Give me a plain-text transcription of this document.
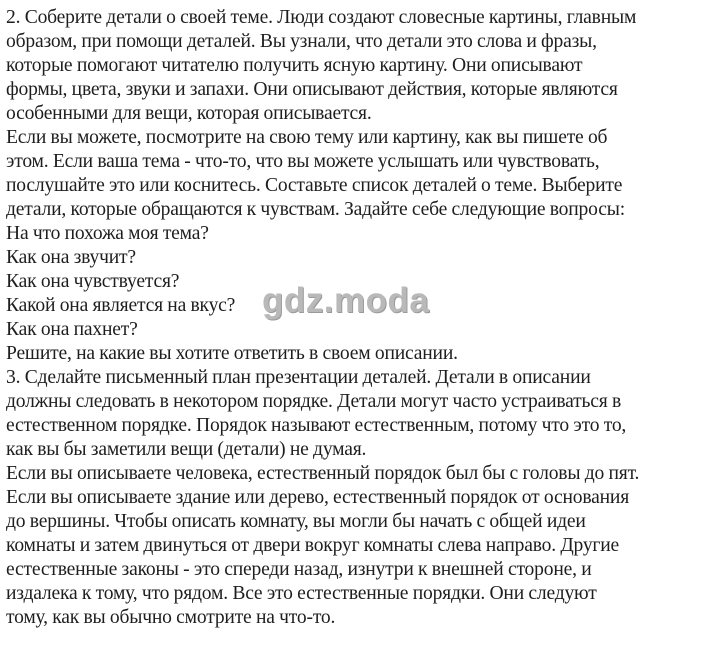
2. Соберите детали о своей теме. Люди создают словесные картины, главным
образом, при помощи деталей. Вы узнали, что детали это слова и фразы,
которые помогают читателю получить ясную картину. Они описывают
формы, цвета, звуки и запахи. Они описывают действия, которые являются
особенными для вещи, которая описывается.
Если вы можете, посмотрите на свою тему или картину, как вы пишете об
этом. Если ваша тема - что-то, что вы можете услышать или чувствовать,
послушайте это или коснитесь. Составьте список деталей о теме. Выберите
детали, которые обращаются к чувствам. Задайте себе следующие вопросы:
На что похожа моя тема?
Как она звучит?
Как она чувствуется?
Какой она является на вкус?
Как она пахнет?
Решите, на какие вы хотите ответить в своем описании.
3. Сделайте письменный план презентации деталей. Детали в описании
должны следовать в некотором порядке. Детали могут часто устраиваться в
естественном порядке. Порядок называют естественным, потому что это то,
как вы бы заметили вещи (детали) не думая.
Если вы описываете человека, естественный порядок был бы с головы до пят.
Если вы описываете здание или дерево, естественный порядок от основания
до вершины. Чтобы описать комнату, вы могли бы начать с общей идеи
комнаты и затем двинуться от двери вокруг комнаты слева направо. Другие
естественные законы - это спереди назад, изнутри к внешней стороне, и
издалека к тому, что рядом. Все это естественные порядки. Они следуют
тому, как вы обычно смотрите на что-то.
gdz.moda
